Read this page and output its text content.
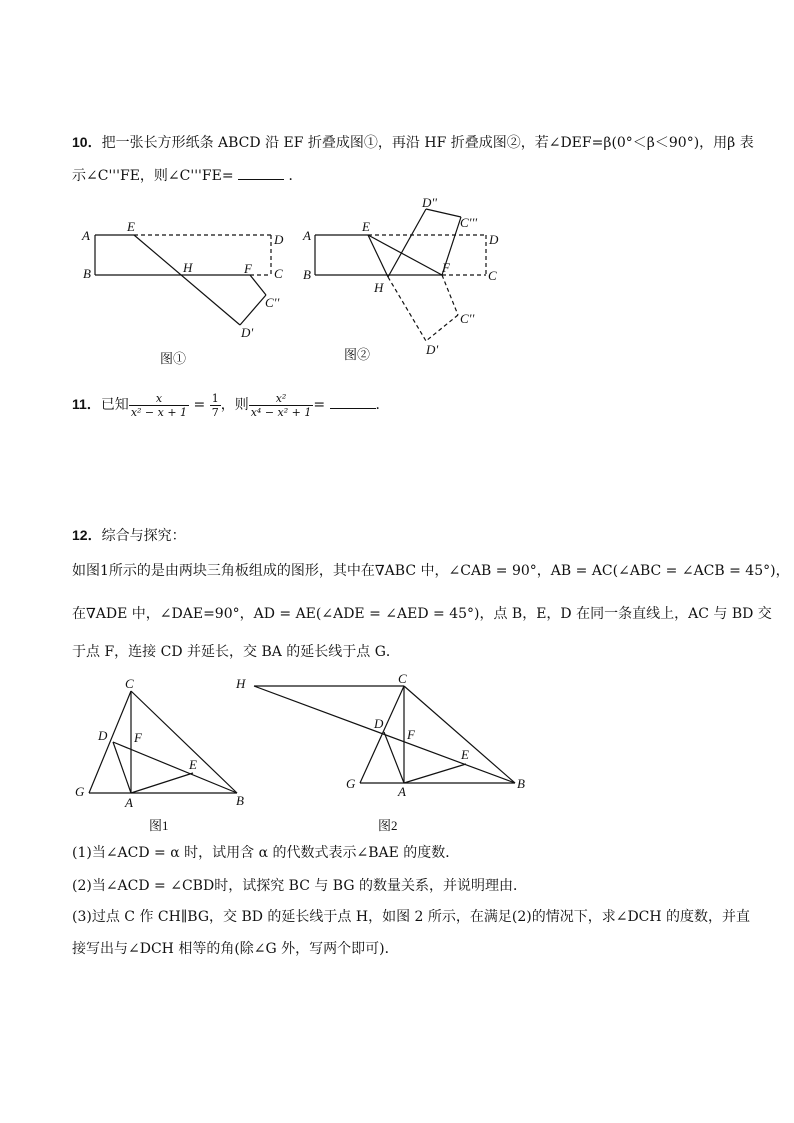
10．把一张长方形纸条 ABCD 沿 EF 折叠成图①，再沿 HF 折叠成图②，若∠DEF=β(0°＜β＜90°)，用β 表
示∠C'''FE，则∠C'''FE=	．
A
B
E
H	F
D
C
C''
D'
图①
A
B
E
H
F
D
C
D''
C'''
C''
D'
图②
11．已知 $\frac{x}{\text{x² − x + 1}} = \frac{1}{7}$ ，则 $\frac{\text{x²}}{\text{x⁴ − x² + 1}}$ =	．
12．综合与探究：
如图1所示的是由两块三角板组成的图形，其中在∇ABC 中，∠CAB = 90°，AB = AC(∠ABC = ∠ACB = 45°)，
在∇ADE 中，∠DAE=90°，AD = AE(∠ADE = ∠AED = 45°)，点 B，E，D 在同一条直线上，AC 与 BD 交
于点 F，连接 CD 并延长，交 BA 的延长线于点 G．
C
D F
E
G
A	B
图1
H	C
D
F
E
G
A
B
图2
(1)当∠ACD = α 时，试用含 α 的代数式表示∠BAE 的度数．
(2)当∠ACD = ∠CBD时，试探究 BC 与 BG 的数量关系，并说明理由．
(3)过点 C 作 CH∥BG，交 BD 的延长线于点 H，如图 2 所示，在满足(2)的情况下，求∠DCH 的度数，并直
接写出与∠DCH 相等的角(除∠G 外，写两个即可)．
